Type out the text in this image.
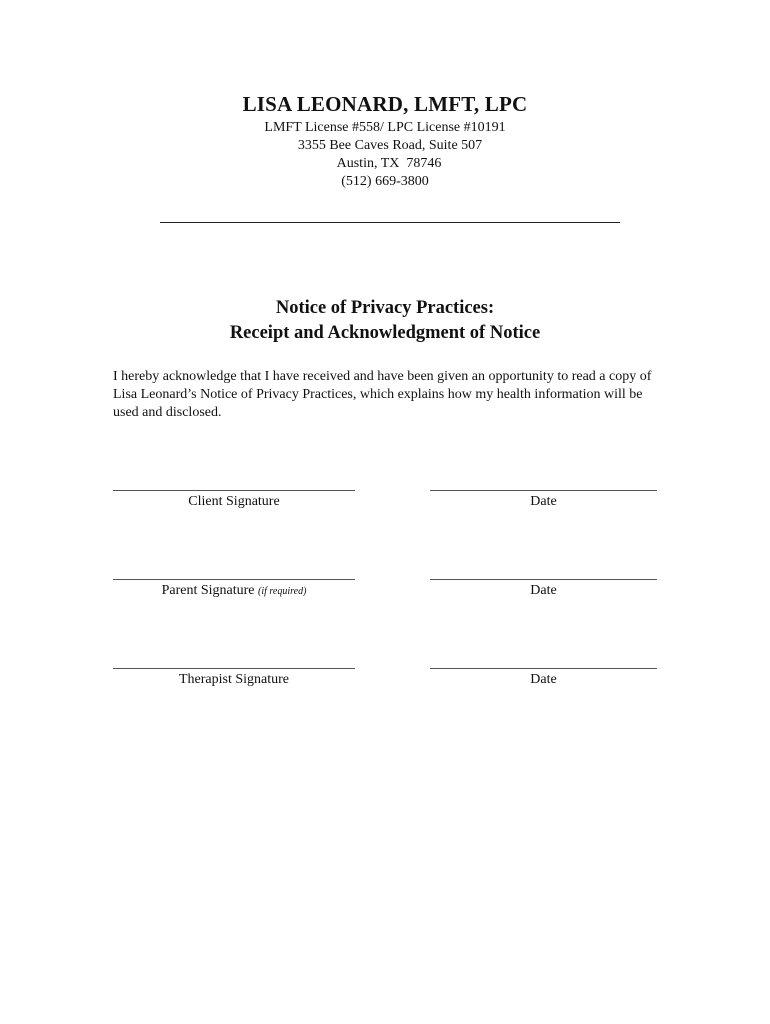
LISA LEONARD, LMFT, LPC
LMFT License #558/ LPC License #10191
3355 Bee Caves Road, Suite 507
Austin, TX  78746
(512) 669-3800
Notice of Privacy Practices:
Receipt and Acknowledgment of Notice
I hereby acknowledge that I have received and have been given an opportunity to read a copy of Lisa Leonard’s Notice of Privacy Practices, which explains how my health information will be used and disclosed.
Client Signature	Date
Parent Signature (if required)	Date
Therapist Signature	Date
